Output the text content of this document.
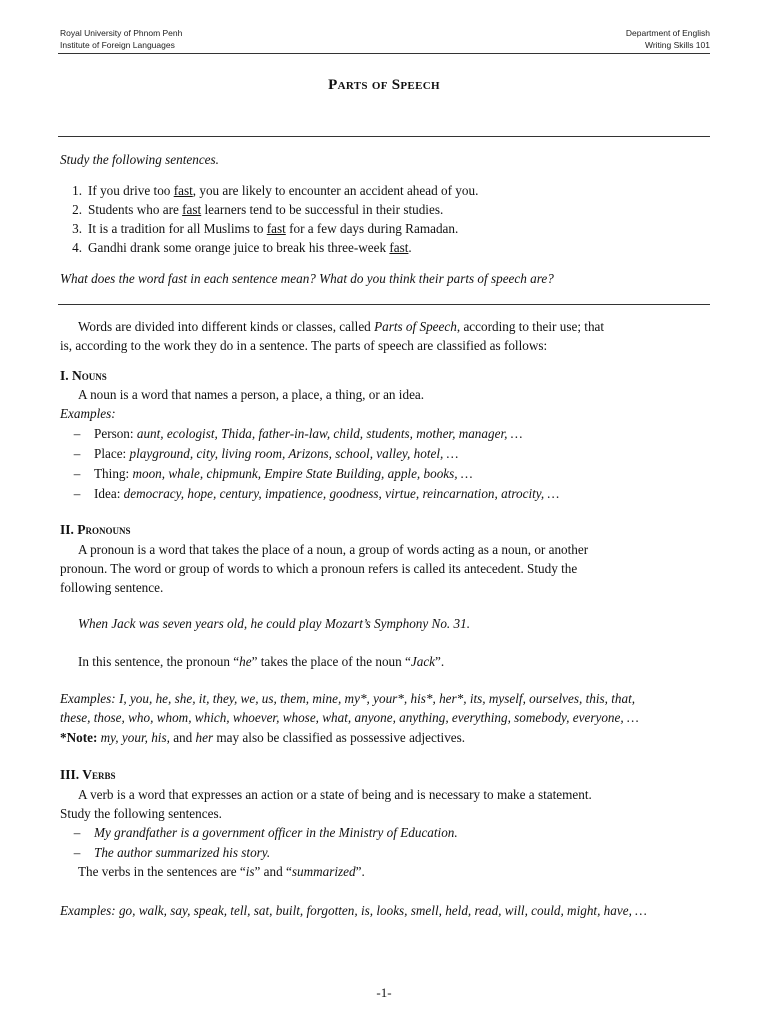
Royal University of Phnom Penh
Institute of Foreign Languages
Department of English
Writing Skills 101
Parts of Speech
Study the following sentences.
1. If you drive too fast, you are likely to encounter an accident ahead of you.
2. Students who are fast learners tend to be successful in their studies.
3. It is a tradition for all Muslims to fast for a few days during Ramadan.
4. Gandhi drank some orange juice to break his three-week fast.
What does the word fast in each sentence mean? What do you think their parts of speech are?
Words are divided into different kinds or classes, called Parts of Speech, according to their use; that
is, according to the work they do in a sentence. The parts of speech are classified as follows:
I. Nouns
A noun is a word that names a person, a place, a thing, or an idea.
Examples:
– Person: aunt, ecologist, Thida, father-in-law, child, students, mother, manager, …
– Place: playground, city, living room, Arizons, school, valley, hotel, …
– Thing: moon, whale, chipmunk, Empire State Building, apple, books, …
– Idea: democracy, hope, century, impatience, goodness, virtue, reincarnation, atrocity, …
II. Pronouns
A pronoun is a word that takes the place of a noun, a group of words acting as a noun, or another
pronoun. The word or group of words to which a pronoun refers is called its antecedent. Study the
following sentence.
When Jack was seven years old, he could play Mozart’s Symphony No. 31.
In this sentence, the pronoun “he” takes the place of the noun “Jack”.
Examples: I, you, he, she, it, they, we, us, them, mine, my*, your*, his*, her*, its, myself, ourselves, this, that,
these, those, who, whom, which, whoever, whose, what, anyone, anything, everything, somebody, everyone, …
*Note: my, your, his, and her may also be classified as possessive adjectives.
III. Verbs
A verb is a word that expresses an action or a state of being and is necessary to make a statement.
Study the following sentences.
– My grandfather is a government officer in the Ministry of Education.
– The author summarized his story.
The verbs in the sentences are “is” and “summarized”.
Examples: go, walk, say, speak, tell, sat, built, forgotten, is, looks, smell, held, read, will, could, might, have, …
-1-
